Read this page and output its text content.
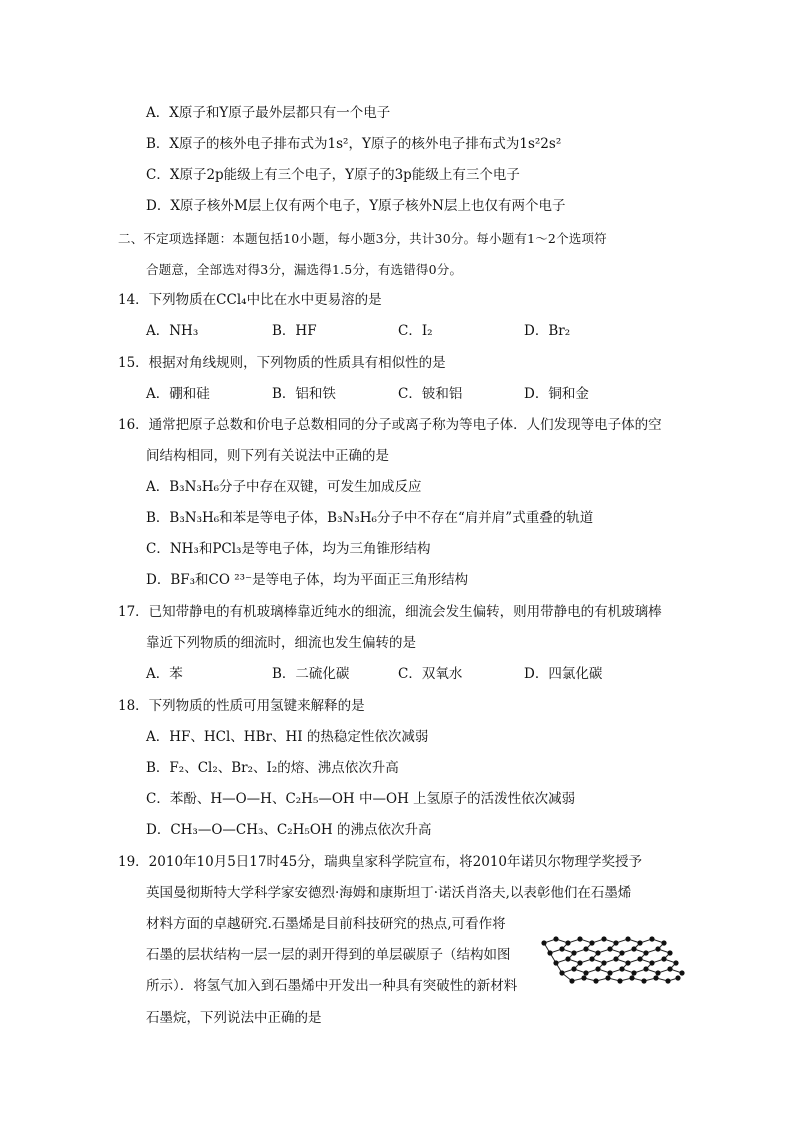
A．X原子和Y原子最外层都只有一个电子
B．X原子的核外电子排布式为1s²，Y原子的核外电子排布式为1s²2s²
C．X原子2p能级上有三个电子，Y原子的3p能级上有三个电子
D．X原子核外M层上仅有两个电子，Y原子核外N层上也仅有两个电子
二、不定项选择题：本题包括10小题，每小题3分，共计30分。每小题有1～2个选项符
合题意，全部选对得3分，漏选得1.5分，有选错得0分。
14．下列物质在CCl₄中比在水中更易溶的是
A．NH₃	B．HF	C．I₂	D．Br₂
15．根据对角线规则，下列物质的性质具有相似性的是
A．硼和硅	B．铝和铁	C．铍和铝	D．铜和金
16．通常把原子总数和价电子总数相同的分子或离子称为等电子体．人们发现等电子体的空
间结构相同，则下列有关说法中正确的是
A．B₃N₃H₆分子中存在双键，可发生加成反应
B．B₃N₃H₆和苯是等电子体，B₃N₃H₆分子中不存在“肩并肩”式重叠的轨道
C．NH₃和PCl₃是等电子体，均为三角锥形结构
D．BF₃和CO ²³⁻是等电子体，均为平面正三角形结构
17．已知带静电的有机玻璃棒靠近纯水的细流，细流会发生偏转，则用带静电的有机玻璃棒
靠近下列物质的细流时，细流也发生偏转的是
A．苯	B．二硫化碳	C．双氧水	D．四氯化碳
18．下列物质的性质可用氢键来解释的是
A．HF、HCl、HBr、HI 的热稳定性依次减弱
B．F₂、Cl₂、Br₂、I₂的熔、沸点依次升高
C．苯酚、H—O—H、C₂H₅—OH 中—OH 上氢原子的活泼性依次减弱
D．CH₃—O—CH₃、C₂H₅OH 的沸点依次升高
19．2010年10月5日17时45分，瑞典皇家科学院宣布，将2010年诺贝尔物理学奖授予
英国曼彻斯特大学科学家安德烈·海姆和康斯坦丁·诺沃肖洛夫,以表彰他们在石墨烯
材料方面的卓越研究.石墨烯是目前科技研究的热点,可看作将
石墨的层状结构一层一层的剥开得到的单层碳原子（结构如图
所示）．将氢气加入到石墨烯中开发出一种具有突破性的新材料
石墨烷，下列说法中正确的是
